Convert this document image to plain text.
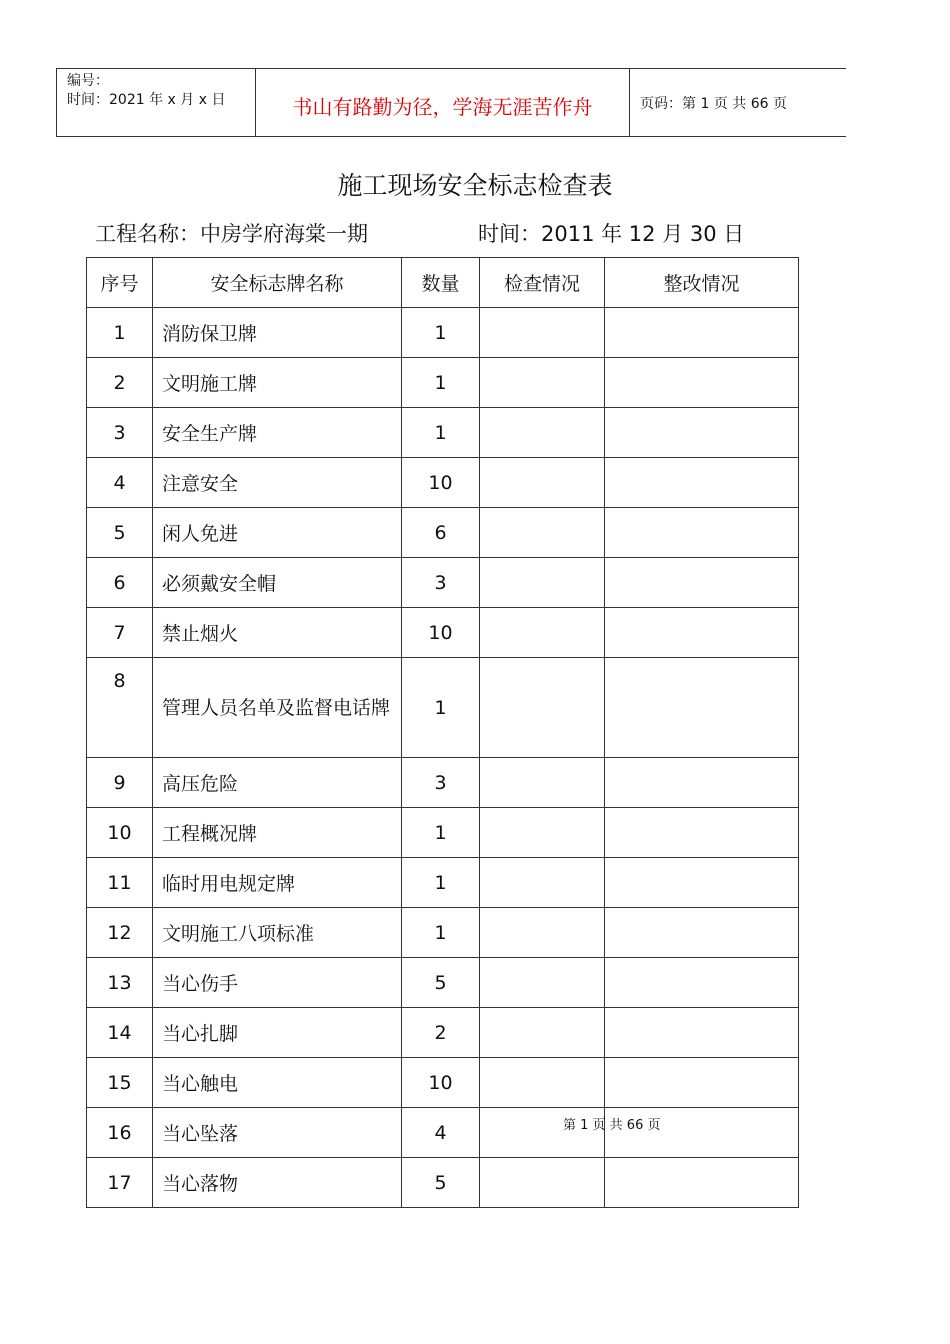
编号：
时间：2021 年 x 月 x 日	书山有路勤为径，学海无涯苦作舟	页码：第 1 页 共 66 页
施工现场安全标志检查表
工程名称：中房学府海棠一期	时间：2011 年 12 月 30 日
序号	安全标志牌名称	数量	检查情况	整改情况
1	消防保卫牌	1		
2	文明施工牌	1		
3	安全生产牌	1		
4	注意安全	10		
5	闲人免进	6		
6	必须戴安全帽	3		
7	禁止烟火	10		
8	管理人员名单及监督电话牌	1		
9	高压危险	3		
10	工程概况牌	1		
11	临时用电规定牌	1		
12	文明施工八项标准	1		
13	当心伤手	5		
14	当心扎脚	2		
15	当心触电	10		
16	当心坠落	4		
17	当心落物	5		
第 1 页 共 66 页
